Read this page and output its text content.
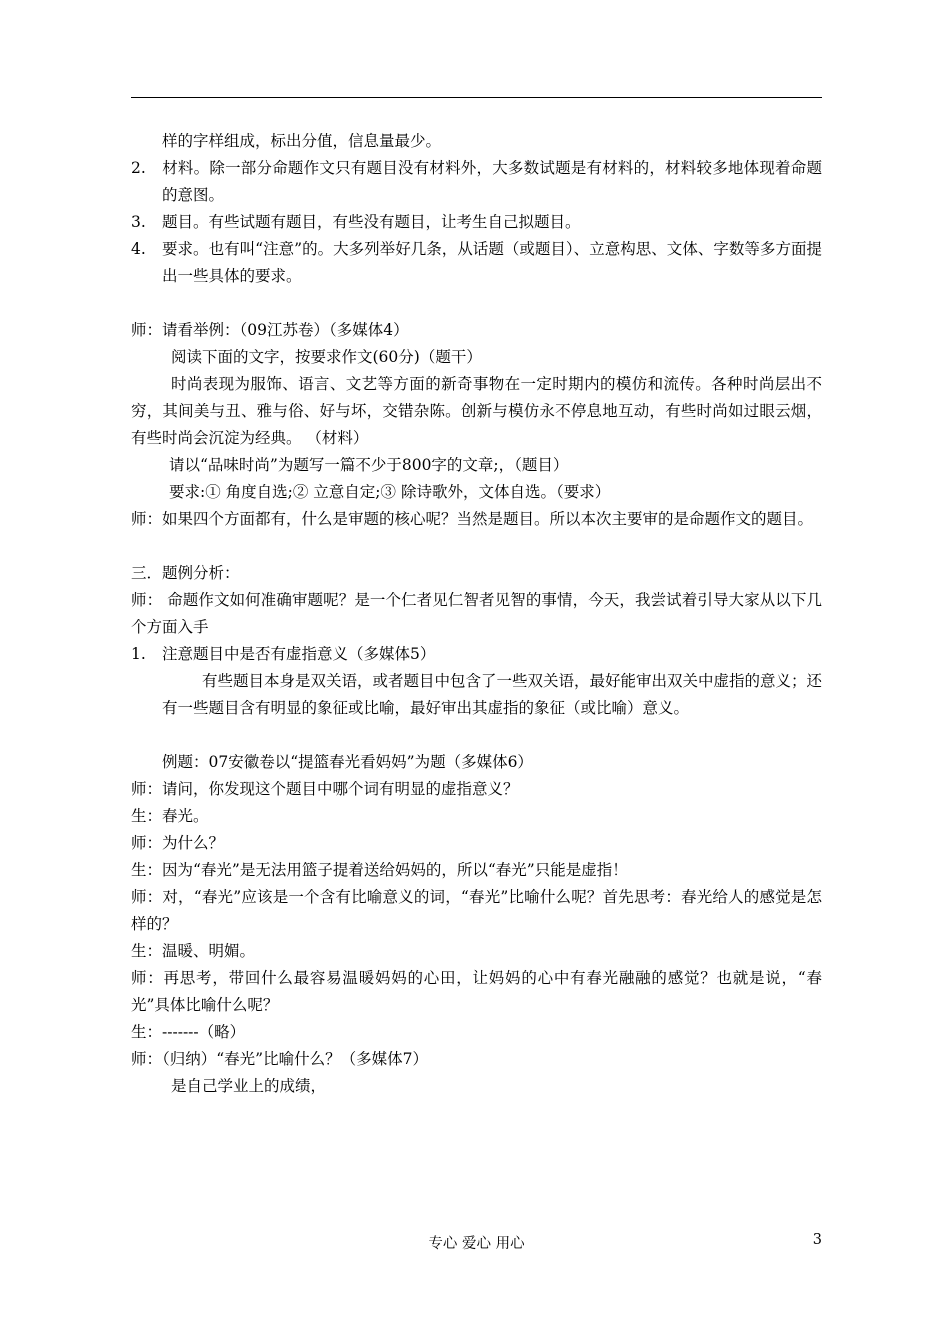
样的字样组成，标出分值，信息量最少。

2. 材料。除一部分命题作文只有题目没有材料外，大多数试题是有材料的，材料较多地体现着命题的意图。

3. 题目。有些试题有题目，有些没有题目，让考生自己拟题目。

4. 要求。也有叫“注意”的。大多列举好几条，从话题（或题目）、立意构思、文体、字数等多方面提出一些具体的要求。

师：请看举例：（09江苏卷）（多媒体4）

阅读下面的文字，按要求作文(60分)（题干）

时尚表现为服饰、语言、文艺等方面的新奇事物在一定时期内的模仿和流传。各种时尚层出不穷，其间美与丑、雅与俗、好与坏，交错杂陈。创新与模仿永不停息地互动，有些时尚如过眼云烟，有些时尚会沉淀为经典。 （材料）

请以“品味时尚”为题写一篇不少于800字的文章;，（题目）

要求:① 角度自选;② 立意自定;③ 除诗歌外，文体自选。（要求）

师：如果四个方面都有，什么是审题的核心呢？当然是题目。所以本次主要审的是命题作文的题目。

三．题例分析：

师： 命题作文如何准确审题呢？是一个仁者见仁智者见智的事情，今天，我尝试着引导大家从以下几个方面入手

1. 注意题目中是否有虚指意义（多媒体5）

有些题目本身是双关语，或者题目中包含了一些双关语，最好能审出双关中虚指的意义；还有一些题目含有明显的象征或比喻，最好审出其虚指的象征（或比喻）意义。

例题：07安徽卷以“提篮春光看妈妈”为题（多媒体6）

师：请问，你发现这个题目中哪个词有明显的虚指意义？

生：春光。

师：为什么？

生：因为“春光”是无法用篮子提着送给妈妈的，所以“春光”只能是虚指！

师：对，“春光”应该是一个含有比喻意义的词，“春光”比喻什么呢？首先思考：春光给人的感觉是怎样的？

生：温暖、明媚。

师：再思考，带回什么最容易温暖妈妈的心田，让妈妈的心中有春光融融的感觉？也就是说，“春光”具体比喻什么呢？

生：-------（略）

师：（归纳）“春光”比喻什么？（多媒体7）

是自己学业上的成绩，

专心 爱心 用心	3
